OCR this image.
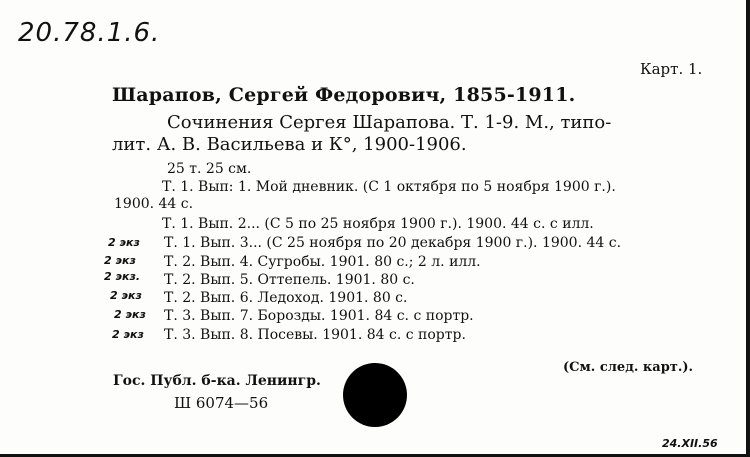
20.78.1.6.
Карт. 1.
Шарапов, Сергей Федорович, 1855-1911.
Сочинения Сергея Шарапова. Т. 1-9. М., типо-
лит. А. В. Васильева и К°, 1900-1906.
25 т. 25 см.
Т. 1. Вып: 1. Мой дневник. (С 1 октября по 5 ноября 1900 г.).
1900. 44 с.
Т. 1. Вып. 2... (С 5 по 25 ноября 1900 г.). 1900. 44 с. с илл.
Т. 1. Вып. 3... (С 25 ноября по 20 декабря 1900 г.). 1900. 44 с.
Т. 2. Вып. 4. Сугробы. 1901. 80 с.; 2 л. илл.
Т. 2. Вып. 5. Оттепель. 1901. 80 с.
Т. 2. Вып. 6. Ледоход. 1901. 80 с.
Т. 3. Вып. 7. Борозды. 1901. 84 с. с портр.
Т. 3. Вып. 8. Посевы. 1901. 84 с. с портр.
2 экз
2 экз
2 экз.
2 экз
2 экз
2 экз
(См. след. карт.).
Гос. Публ. б-ка. Ленингр.
Ш 6074—56
24.XII.56
